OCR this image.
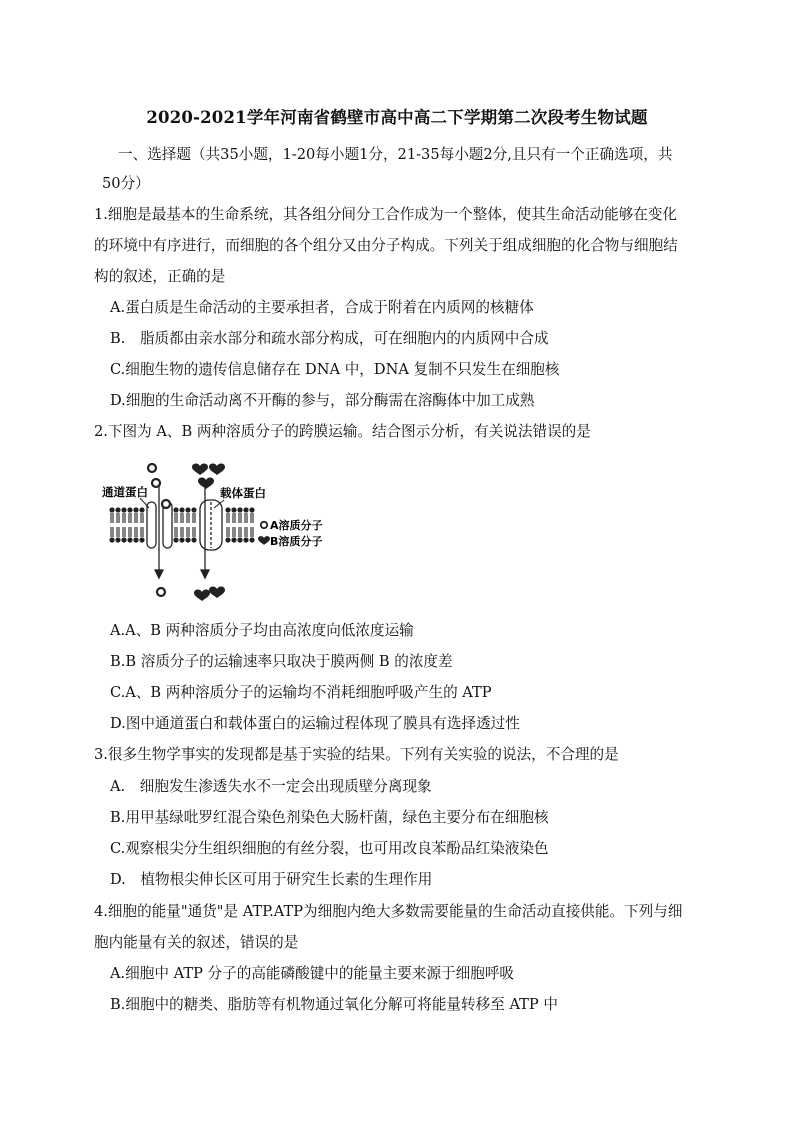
2020-2021学年河南省鹤壁市高中高二下学期第二次段考生物试题
一、选择题（共35小题，1-20每小题1分，21-35每小题2分,且只有一个正确选项，共
50分）
1.细胞是最基本的生命系统，其各组分间分工合作成为一个整体，使其生命活动能够在变化
的环境中有序进行，而细胞的各个组分又由分子构成。下列关于组成细胞的化合物与细胞结
构的叙述，正确的是
A.蛋白质是生命活动的主要承担者，合成于附着在内质网的核糖体
B.　脂质都由亲水部分和疏水部分构成，可在细胞内的内质网中合成
C.细胞生物的遗传信息储存在 DNA 中，DNA 复制不只发生在细胞核
D.细胞的生命活动离不开酶的参与，部分酶需在溶酶体中加工成熟
2.下图为 A、B 两种溶质分子的跨膜运输。结合图示分析，有关说法错误的是
通道蛋白	载体蛋白
A溶质分子
B溶质分子
A.A、B 两种溶质分子均由高浓度向低浓度运输
B.B 溶质分子的运输速率只取决于膜两侧 B 的浓度差
C.A、B 两种溶质分子的运输均不消耗细胞呼吸产生的 ATP
D.图中通道蛋白和载体蛋白的运输过程体现了膜具有选择透过性
3.很多生物学事实的发现都是基于实验的结果。下列有关实验的说法，不合理的是
A.　细胞发生渗透失水不一定会出现质壁分离现象
B.用甲基绿吡罗红混合染色剂染色大肠杆菌，绿色主要分布在细胞核
C.观察根尖分生组织细胞的有丝分裂，也可用改良苯酚品红染液染色
D.　植物根尖伸长区可用于研究生长素的生理作用
4.细胞的能量"通货"是 ATP.ATP为细胞内绝大多数需要能量的生命活动直接供能。下列与细
胞内能量有关的叙述，错误的是
A.细胞中 ATP 分子的高能磷酸键中的能量主要来源于细胞呼吸
B.细胞中的糖类、脂肪等有机物通过氧化分解可将能量转移至 ATP 中
